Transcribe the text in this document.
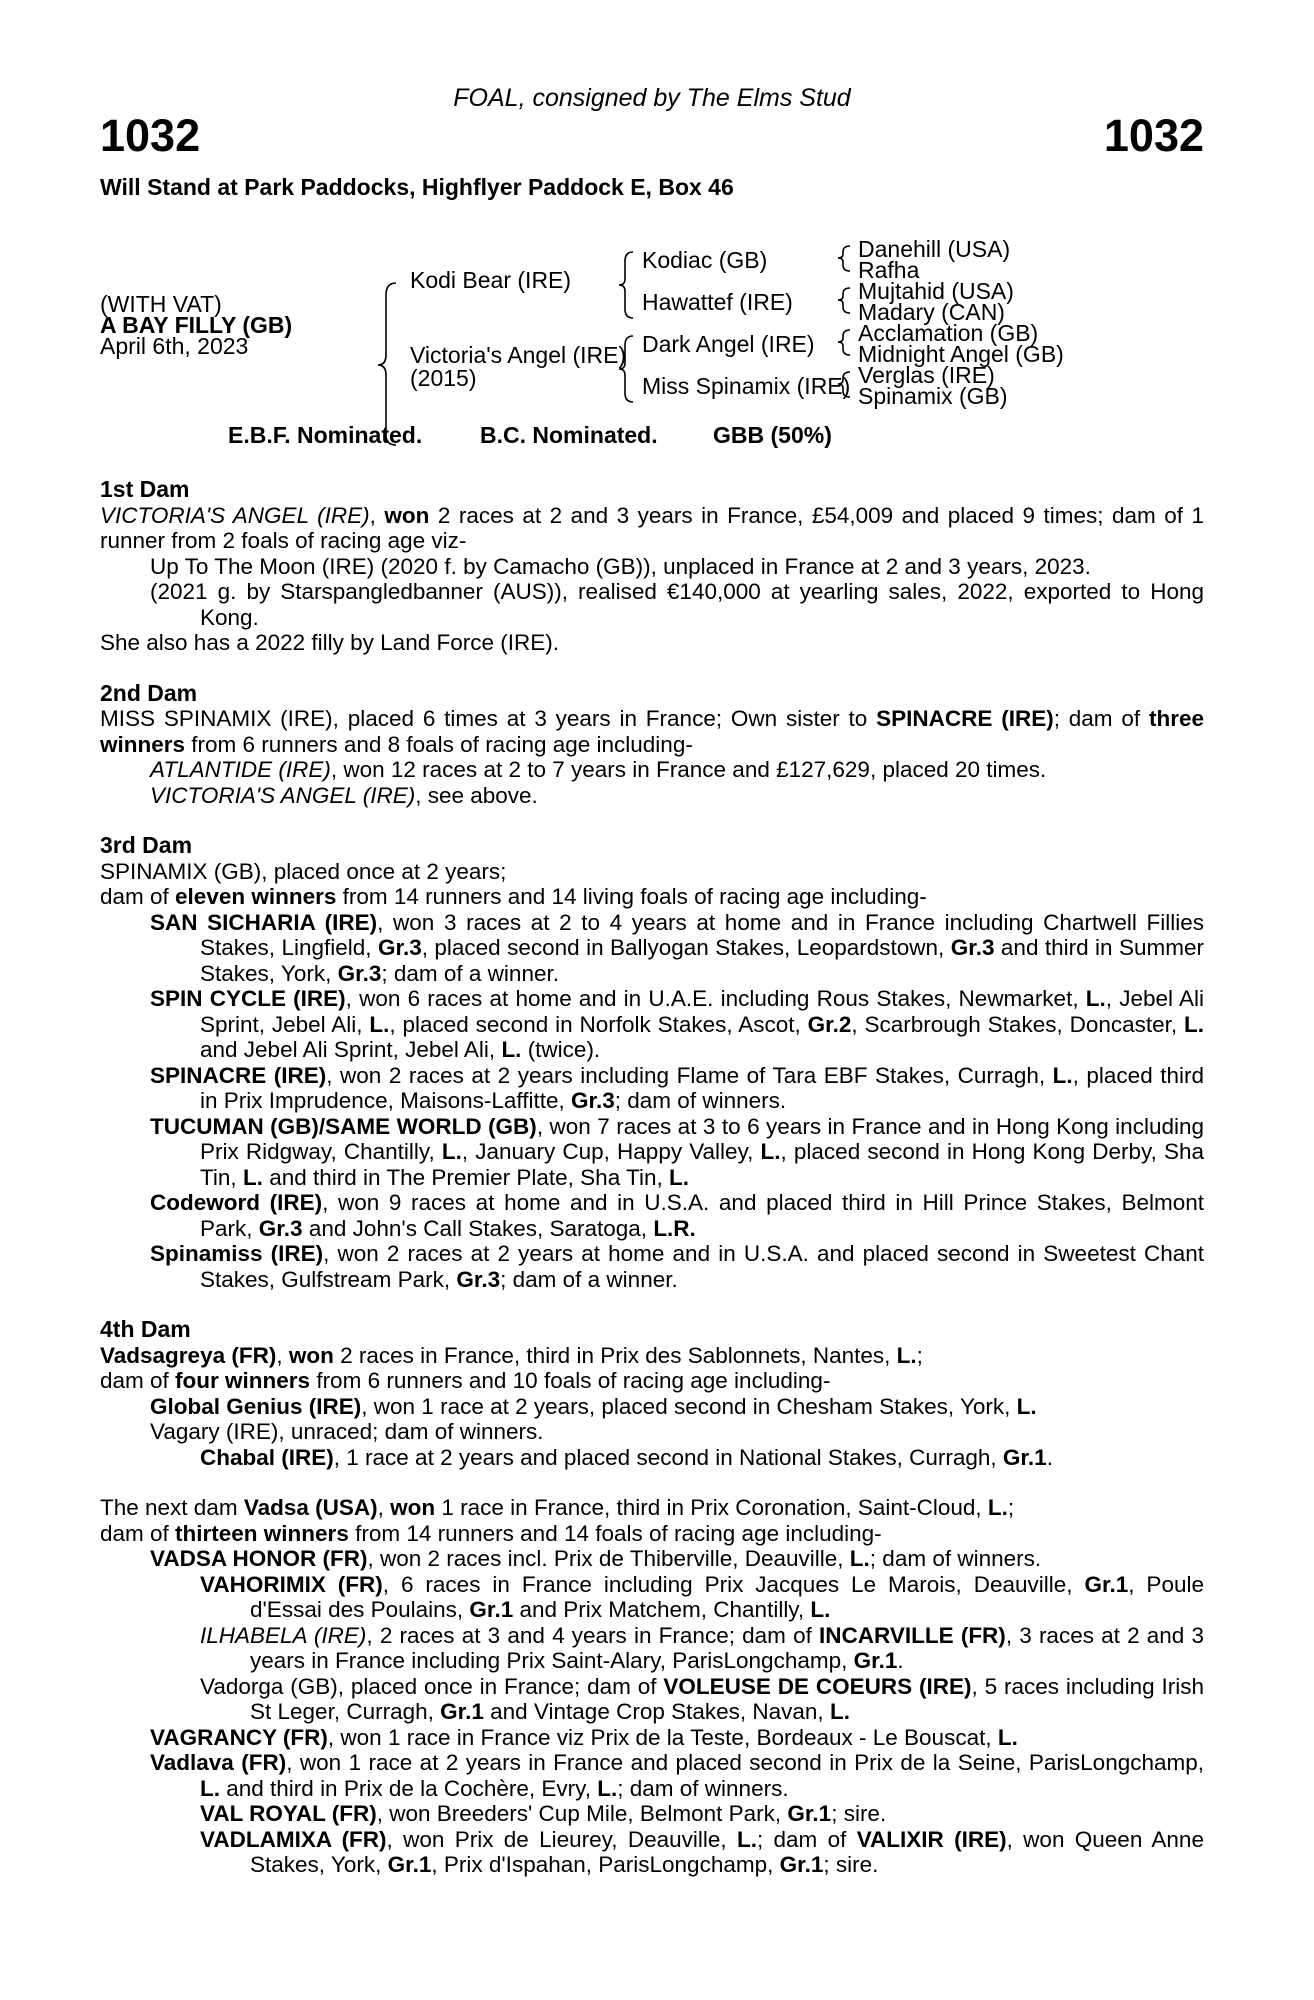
FOAL, consigned by The Elms Stud
1032	1032
Will Stand at Park Paddocks, Highflyer Paddock E, Box 46
(WITH VAT)
A BAY FILLY (GB)
April 6th, 2023
Kodi Bear (IRE)
Victoria's Angel (IRE)
(2015)
Kodiac (GB)
Hawattef (IRE)
Dark Angel (IRE)
Miss Spinamix (IRE)
Danehill (USA)
Rafha
Mujtahid (USA)
Madary (CAN)
Acclamation (GB)
Midnight Angel (GB)
Verglas (IRE)
Spinamix (GB)
E.B.F. Nominated.	B.C. Nominated. GBB (50%)
1st Dam
VICTORIA'S ANGEL (IRE), won 2 races at 2 and 3 years in France, £54,009 and placed 9 times; dam of 1 runner from 2 foals of racing age viz-
Up To The Moon (IRE) (2020 f. by Camacho (GB)), unplaced in France at 2 and 3 years, 2023.
(2021 g. by Starspangledbanner (AUS)), realised €140,000 at yearling sales, 2022, exported to Hong Kong.
She also has a 2022 filly by Land Force (IRE).
2nd Dam
MISS SPINAMIX (IRE), placed 6 times at 3 years in France; Own sister to SPINACRE (IRE); dam of three winners from 6 runners and 8 foals of racing age including-
ATLANTIDE (IRE), won 12 races at 2 to 7 years in France and £127,629, placed 20 times.
VICTORIA'S ANGEL (IRE), see above.
3rd Dam
SPINAMIX (GB), placed once at 2 years;
dam of eleven winners from 14 runners and 14 living foals of racing age including-
SAN SICHARIA (IRE), won 3 races at 2 to 4 years at home and in France including Chartwell Fillies Stakes, Lingfield, Gr.3, placed second in Ballyogan Stakes, Leopardstown, Gr.3 and third in Summer Stakes, York, Gr.3; dam of a winner.
SPIN CYCLE (IRE), won 6 races at home and in U.A.E. including Rous Stakes, Newmarket, L., Jebel Ali Sprint, Jebel Ali, L., placed second in Norfolk Stakes, Ascot, Gr.2, Scarbrough Stakes, Doncaster, L. and Jebel Ali Sprint, Jebel Ali, L. (twice).
SPINACRE (IRE), won 2 races at 2 years including Flame of Tara EBF Stakes, Curragh, L., placed third in Prix Imprudence, Maisons-Laffitte, Gr.3; dam of winners.
TUCUMAN (GB)/SAME WORLD (GB), won 7 races at 3 to 6 years in France and in Hong Kong including Prix Ridgway, Chantilly, L., January Cup, Happy Valley, L., placed second in Hong Kong Derby, Sha Tin, L. and third in The Premier Plate, Sha Tin, L.
Codeword (IRE), won 9 races at home and in U.S.A. and placed third in Hill Prince Stakes, Belmont Park, Gr.3 and John's Call Stakes, Saratoga, L.R.
Spinamiss (IRE), won 2 races at 2 years at home and in U.S.A. and placed second in Sweetest Chant Stakes, Gulfstream Park, Gr.3; dam of a winner.
4th Dam
Vadsagreya (FR), won 2 races in France, third in Prix des Sablonnets, Nantes, L.;
dam of four winners from 6 runners and 10 foals of racing age including-
Global Genius (IRE), won 1 race at 2 years, placed second in Chesham Stakes, York, L.
Vagary (IRE), unraced; dam of winners.
Chabal (IRE), 1 race at 2 years and placed second in National Stakes, Curragh, Gr.1.
The next dam Vadsa (USA), won 1 race in France, third in Prix Coronation, Saint-Cloud, L.;
dam of thirteen winners from 14 runners and 14 foals of racing age including-
VADSA HONOR (FR), won 2 races incl. Prix de Thiberville, Deauville, L.; dam of winners.
VAHORIMIX (FR), 6 races in France including Prix Jacques Le Marois, Deauville, Gr.1, Poule d'Essai des Poulains, Gr.1 and Prix Matchem, Chantilly, L.
ILHABELA (IRE), 2 races at 3 and 4 years in France; dam of INCARVILLE (FR), 3 races at 2 and 3 years in France including Prix Saint-Alary, ParisLongchamp, Gr.1.
Vadorga (GB), placed once in France; dam of VOLEUSE DE COEURS (IRE), 5 races including Irish St Leger, Curragh, Gr.1 and Vintage Crop Stakes, Navan, L.
VAGRANCY (FR), won 1 race in France viz Prix de la Teste, Bordeaux - Le Bouscat, L.
Vadlava (FR), won 1 race at 2 years in France and placed second in Prix de la Seine, ParisLongchamp, L. and third in Prix de la Cochère, Evry, L.; dam of winners.
VAL ROYAL (FR), won Breeders' Cup Mile, Belmont Park, Gr.1; sire.
VADLAMIXA (FR), won Prix de Lieurey, Deauville, L.; dam of VALIXIR (IRE), won Queen Anne Stakes, York, Gr.1, Prix d'Ispahan, ParisLongchamp, Gr.1; sire.
